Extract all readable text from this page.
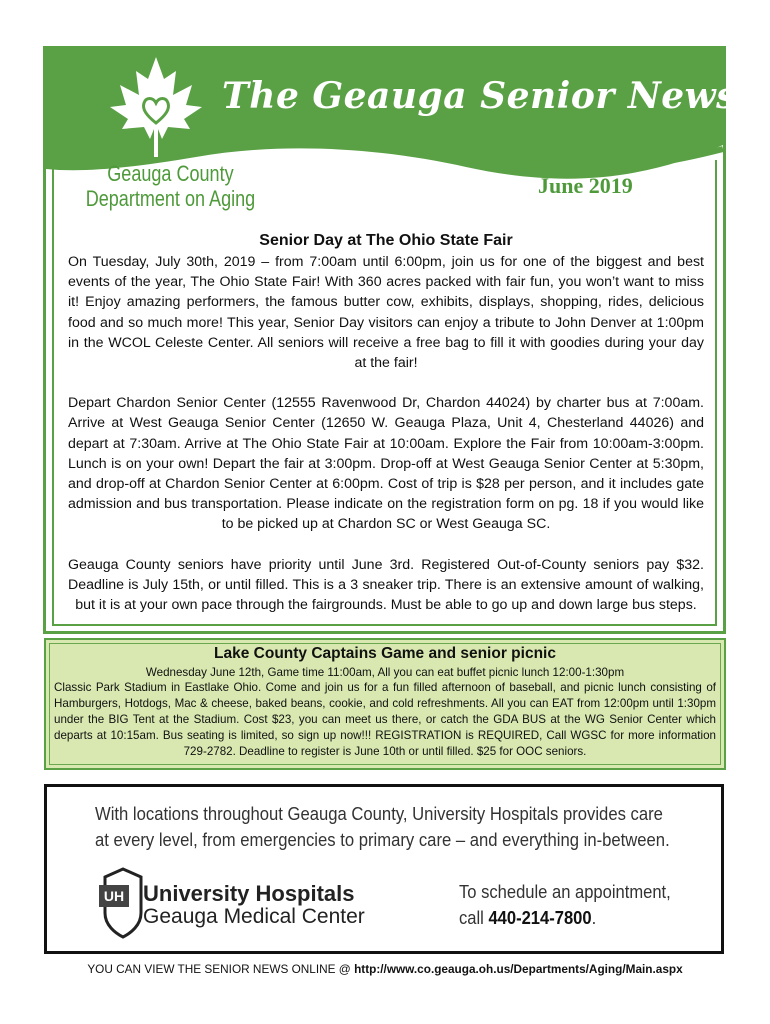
The Geauga Senior News
Geauga County
Department on Aging
June 2019
Senior Day at The Ohio State Fair

On Tuesday, July 30th, 2019 – from 7:00am until 6:00pm, join us for one of the biggest and best events of the year, The Ohio State Fair! With 360 acres packed with fair fun, you won’t want to miss it! Enjoy amazing performers, the famous butter cow, exhibits, displays, shopping, rides, delicious food and so much more! This year, Senior Day visitors can enjoy a tribute to John Denver at 1:00pm in the WCOL Celeste Center. All seniors will receive a free bag to fill it with goodies during your day at the fair!

Depart Chardon Senior Center (12555 Ravenwood Dr, Chardon 44024) by charter bus at 7:00am. Arrive at West Geauga Senior Center (12650 W. Geauga Plaza, Unit 4, Chesterland 44026) and depart at 7:30am. Arrive at The Ohio State Fair at 10:00am. Explore the Fair from 10:00am-3:00pm. Lunch is on your own! Depart the fair at 3:00pm. Drop-off at West Geauga Senior Center at 5:30pm, and drop-off at Chardon Senior Center at 6:00pm. Cost of trip is $28 per person, and it includes gate admission and bus transportation. Please indicate on the registration form on pg. 18 if you would like to be picked up at Chardon SC or West Geauga SC.

Geauga County seniors have priority until June 3rd. Registered Out-of-County seniors pay $32. Deadline is July 15th, or until filled. This is a 3 sneaker trip. There is an extensive amount of walking, but it is at your own pace through the fairgrounds. Must be able to go up and down large bus steps.

Lake County Captains Game and senior picnic
Wednesday June 12th, Game time 11:00am, All you can eat buffet picnic lunch 12:00-1:30pm
Classic Park Stadium in Eastlake Ohio. Come and join us for a fun filled afternoon of baseball, and picnic lunch consisting of Hamburgers, Hotdogs, Mac & cheese, baked beans, cookie, and cold refreshments. All you can EAT from 12:00pm until 1:30pm under the BIG Tent at the Stadium. Cost $23, you can meet us there, or catch the GDA BUS at the WG Senior Center which departs at 10:15am. Bus seating is limited, so sign up now!!! REGISTRATION is REQUIRED, Call WGSC for more information 729-2782. Deadline to register is June 10th or until filled. $25 for OOC seniors.
With locations throughout Geauga County, University Hospitals provides care
at every level, from emergencies to primary care – and everything in-between.
UH University Hospitals
Geauga Medical Center
To schedule an appointment,
call 440-214-7800.
YOU CAN VIEW THE SENIOR NEWS ONLINE @ http://www.co.geauga.oh.us/Departments/Aging/Main.aspx
